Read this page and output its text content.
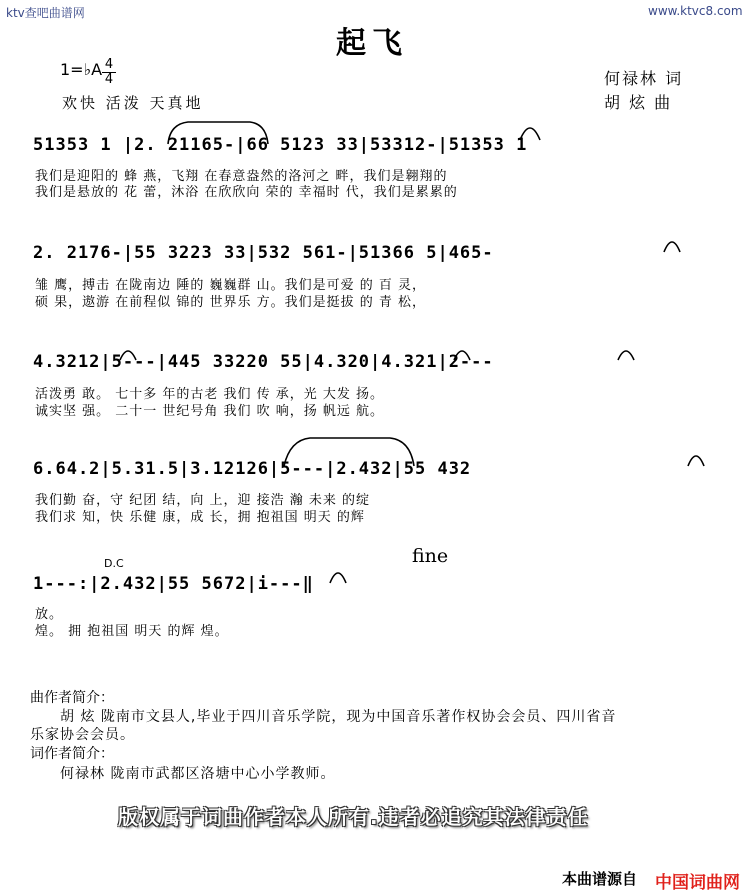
ktv查吧曲谱网	www.ktvc8.com
起飞
1=♭A 4
4
欢快 活泼 天真地
何禄林 词
胡 炫 曲
51353 1 |2. 21165-|66 5123 33|53312-|51353 1
我们是迎阳的 蜂 燕，飞翔 在春意盎然的洛河之 畔，我们是翱翔的
我们是悬放的 花 蕾，沐浴 在欣欣向 荣的 幸福时 代，我们是累累的
2. 2176-|55 3223 33|532 561-|51366 5|465-
雏 鹰，搏击 在陇南边 陲的 巍巍群 山。我们是可爱 的 百 灵，
硕 果，遨游 在前程似 锦的 世界乐 方。我们是挺拔 的 青 松，
4.3212|5---|445 33220 55|4.320|4.321|2---
活泼勇 敢。 七十多 年的古老 我们 传 承，光 大发 扬。
诚实坚 强。 二十一 世纪号角 我们 吹 响，扬 帆远 航。
6.64.2|5.31.5|3.12126|5---|2.432|55 432
我们勤 奋，守 纪团 结，向 上，迎 接浩 瀚 未来 的绽
我们求 知，快 乐健 康，成 长，拥 抱祖国 明天 的辉
D.C	fine
1---:|2.432|55 5672|i---‖
放。
煌。 拥 抱祖国 明天 的辉 煌。
曲作者简介：
胡 炫 陇南市文县人,毕业于四川音乐学院，现为中国音乐著作权协会会员、四川省音
乐家协会会员。
词作者简介：
何禄林 陇南市武都区洛塘中心小学教师。
版权属于词曲作者本人所有.违者必追究其法律责任
本曲谱源自 中国词曲网
